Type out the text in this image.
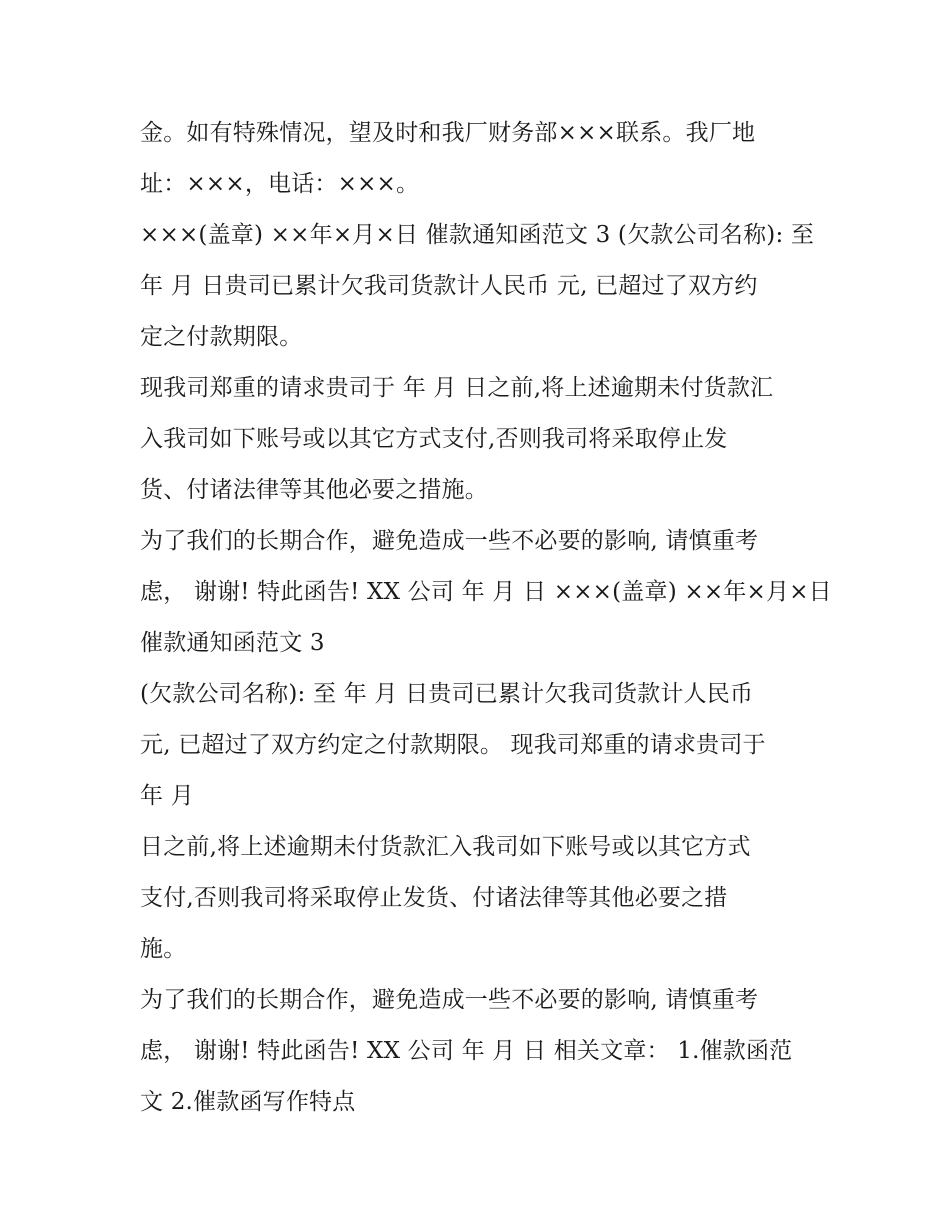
金。如有特殊情况，望及时和我厂财务部×××联系。我厂地
址：×××，电话：×××。
×××(盖章) ××年×月×日 催款通知函范文 3 (欠款公司名称): 至
年 月 日贵司已累计欠我司货款计人民币 元, 已超过了双方约
定之付款期限。
现我司郑重的请求贵司于 年 月 日之前,将上述逾期未付货款汇
入我司如下账号或以其它方式支付,否则我司将采取停止发
货、付诸法律等其他必要之措施。
为了我们的长期合作，避免造成一些不必要的影响, 请慎重考
虑， 谢谢! 特此函告! XX 公司 年 月 日 ×××(盖章) ××年×月×日
催款通知函范文 3
(欠款公司名称): 至 年 月 日贵司已累计欠我司货款计人民币
元, 已超过了双方约定之付款期限。 现我司郑重的请求贵司于
年 月
日之前,将上述逾期未付货款汇入我司如下账号或以其它方式
支付,否则我司将采取停止发货、付诸法律等其他必要之措
施。
为了我们的长期合作，避免造成一些不必要的影响, 请慎重考
虑， 谢谢! 特此函告! XX 公司 年 月 日 相关文章： 1.催款函范
文 2.催款函写作特点
